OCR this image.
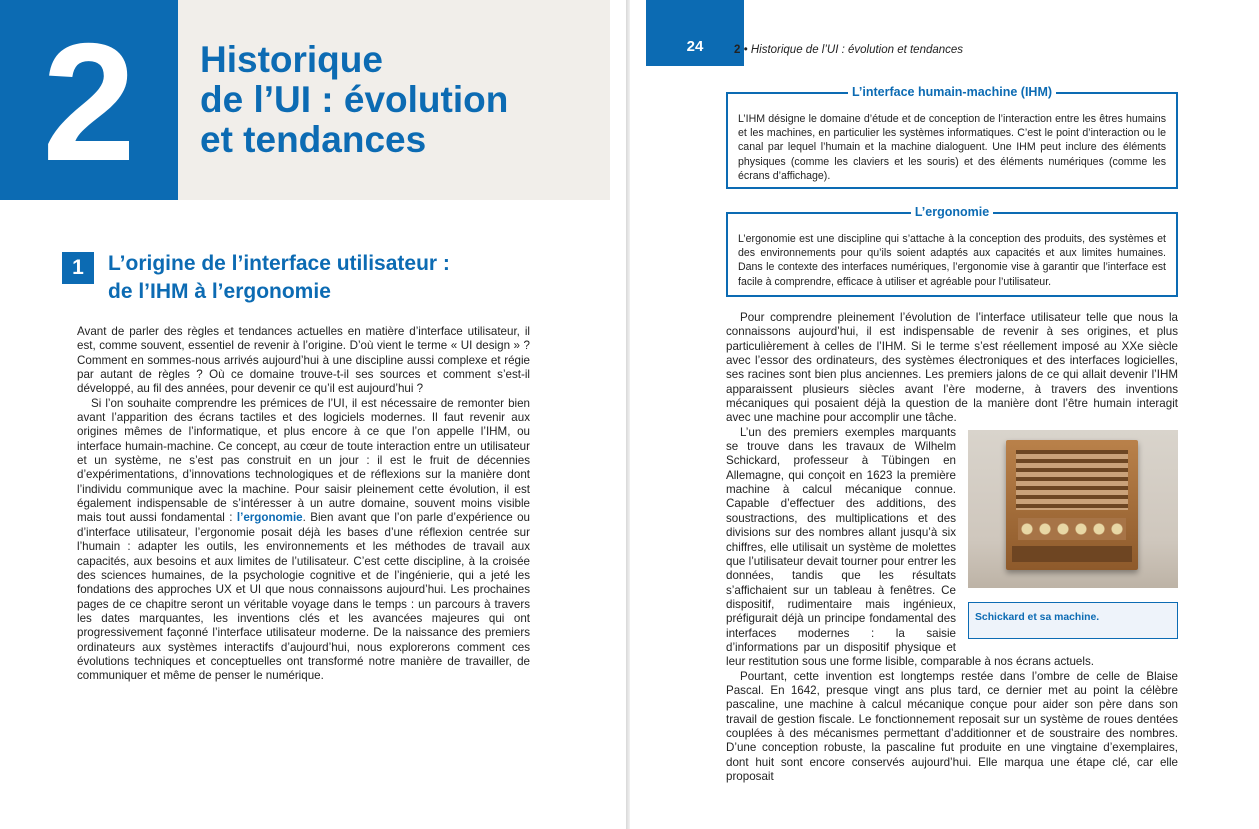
2	Historique
de l’UI : évolution
et tendances
1	L’origine de l’interface utilisateur :
de l’IHM à l’ergonomie

Avant de parler des règles et tendances actuelles en matière d’interface utilisateur, il est, comme souvent, essentiel de revenir à l’origine. D’où vient le terme « UI design » ? Comment en sommes-nous arrivés aujourd’hui à une discipline aussi complexe et régie par autant de règles ? Où ce domaine trouve-t-il ses sources et comment s’est-il développé, au fil des années, pour devenir ce qu’il est aujourd’hui ?

Si l’on souhaite comprendre les prémices de l’UI, il est nécessaire de remonter bien avant l’apparition des écrans tactiles et des logiciels modernes. Il faut revenir aux origines mêmes de l’informatique, et plus encore à ce que l’on appelle l’IHM, ou interface humain-machine. Ce concept, au cœur de toute interaction entre un utilisateur et un système, ne s’est pas construit en un jour : il est le fruit de décennies d’expérimentations, d’innovations technologiques et de réflexions sur la manière dont l’individu communique avec la machine. Pour saisir pleinement cette évolution, il est également indispensable de s’intéresser à un autre domaine, souvent moins visible mais tout aussi fondamental : l’ergonomie. Bien avant que l’on parle d’expérience ou d’interface utilisateur, l’ergonomie posait déjà les bases d’une réflexion centrée sur l’humain : adapter les outils, les environnements et les méthodes de travail aux capacités, aux besoins et aux limites de l’utilisateur. C’est cette discipline, à la croisée des sciences humaines, de la psychologie cognitive et de l’ingénierie, qui a jeté les fondations des approches UX et UI que nous connaissons aujourd’hui. Les prochaines pages de ce chapitre seront un véritable voyage dans le temps : un parcours à travers les dates marquantes, les inventions clés et les avancées majeures qui ont progressivement façonné l’interface utilisateur moderne. De la naissance des premiers ordinateurs aux systèmes interactifs d’aujourd’hui, nous explorerons comment ces évolutions techniques et conceptuelles ont transformé notre manière de travailler, de communiquer et même de penser le numérique.

24	2 • Historique de l’UI : évolution et tendances
L’interface humain-machine (IHM)
L’IHM désigne le domaine d’étude et de conception de l’interaction entre les êtres humains et les machines, en particulier les systèmes informatiques. C’est le point d’interaction ou le canal par lequel l’humain et la machine dialoguent. Une IHM peut inclure des éléments physiques (comme les claviers et les souris) et des éléments numériques (comme les écrans d’affichage).
L’ergonomie
L’ergonomie est une discipline qui s’attache à la conception des produits, des systèmes et des environnements pour qu’ils soient adaptés aux capacités et aux limites humaines. Dans le contexte des interfaces numériques, l’ergonomie vise à garantir que l’interface est facile à comprendre, efficace à utiliser et agréable pour l’utilisateur.

Pour comprendre pleinement l’évolution de l’interface utilisateur telle que nous la connaissons aujourd’hui, il est indispensable de revenir à ses origines, et plus particulièrement à celles de l’IHM. Si le terme s’est réellement imposé au XXe siècle avec l’essor des ordinateurs, des systèmes électroniques et des interfaces logicielles, ses racines sont bien plus anciennes. Les premiers jalons de ce qui allait devenir l’IHM apparaissent plusieurs siècles avant l’ère moderne, à travers des inventions mécaniques qui posaient déjà la question de la manière dont l’être humain interagit avec une machine pour accomplir une tâche.

Schickard et sa machine.

L’un des premiers exemples marquants se trouve dans les travaux de Wilhelm Schickard, professeur à Tübingen en Allemagne, qui conçoit en 1623 la première machine à calcul mécanique connue. Capable d’effectuer des additions, des soustractions, des multiplications et des divisions sur des nombres allant jusqu’à six chiffres, elle utilisait un système de molettes que l’utilisateur devait tourner pour entrer les données, tandis que les résultats s’affichaient sur un tableau à fenêtres. Ce dispositif, rudimentaire mais ingénieux, préfigurait déjà un principe fondamental des interfaces modernes : la saisie d’informations par un dispositif physique et leur restitution sous une forme lisible, comparable à nos écrans actuels.

Pourtant, cette invention est longtemps restée dans l’ombre de celle de Blaise Pascal. En 1642, presque vingt ans plus tard, ce dernier met au point la célèbre pascaline, une machine à calcul mécanique conçue pour aider son père dans son travail de gestion fiscale. Le fonctionnement reposait sur un système de roues dentées couplées à des mécanismes permettant d’additionner et de soustraire des nombres. D’une conception robuste, la pascaline fut produite en une vingtaine d’exemplaires, dont huit sont encore conservés aujourd’hui. Elle marqua une étape clé, car elle proposait
